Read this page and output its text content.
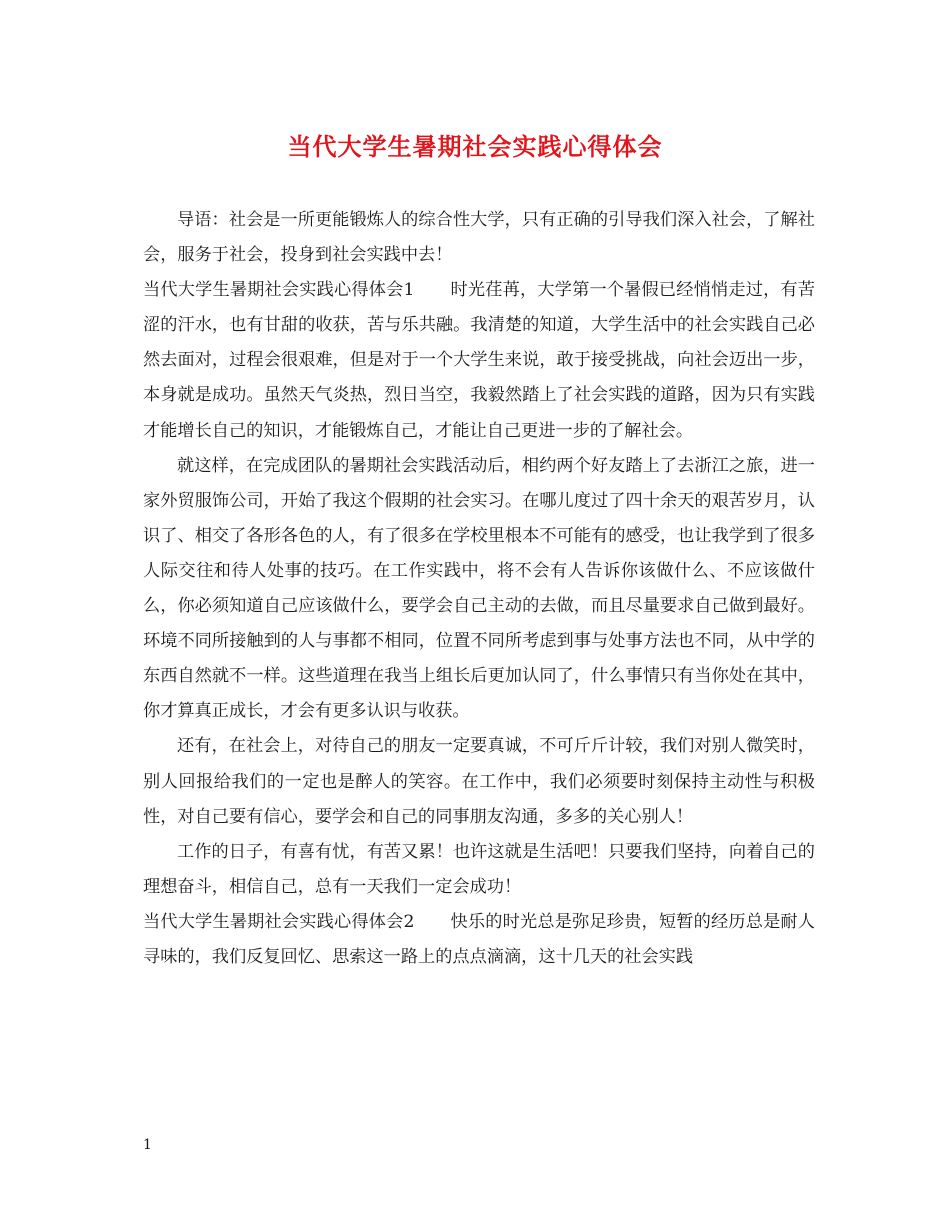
当代大学生暑期社会实践心得体会

导语：社会是一所更能锻炼人的综合性大学，只有正确的引导我们深入社会，了解社会，服务于社会，投身到社会实践中去！

当代大学生暑期社会实践心得体会1 时光荏苒，大学第一个暑假已经悄悄走过，有苦涩的汗水，也有甘甜的收获，苦与乐共融。我清楚的知道，大学生活中的社会实践自己必然去面对，过程会很艰难，但是对于一个大学生来说，敢于接受挑战，向社会迈出一步，本身就是成功。虽然天气炎热，烈日当空，我毅然踏上了社会实践的道路，因为只有实践才能增长自己的知识，才能锻炼自己，才能让自己更进一步的了解社会。

就这样，在完成团队的暑期社会实践活动后，相约两个好友踏上了去浙江之旅，进一家外贸服饰公司，开始了我这个假期的社会实习。在哪儿度过了四十余天的艰苦岁月，认识了、相交了各形各色的人，有了很多在学校里根本不可能有的感受，也让我学到了很多人际交往和待人处事的技巧。在工作实践中，将不会有人告诉你该做什么、不应该做什么，你必须知道自己应该做什么，要学会自己主动的去做，而且尽量要求自己做到最好。环境不同所接触到的人与事都不相同，位置不同所考虑到事与处事方法也不同，从中学的东西自然就不一样。这些道理在我当上组长后更加认同了，什么事情只有当你处在其中，你才算真正成长，才会有更多认识与收获。

还有，在社会上，对待自己的朋友一定要真诚，不可斤斤计较，我们对别人微笑时，别人回报给我们的一定也是醉人的笑容。在工作中，我们必须要时刻保持主动性与积极性，对自己要有信心，要学会和自己的同事朋友沟通，多多的关心别人！

工作的日子，有喜有忧，有苦又累！也许这就是生活吧！只要我们坚持，向着自己的理想奋斗，相信自己，总有一天我们一定会成功！

当代大学生暑期社会实践心得体会2 快乐的时光总是弥足珍贵，短暂的经历总是耐人寻味的，我们反复回忆、思索这一路上的点点滴滴，这十几天的社会实践

1
